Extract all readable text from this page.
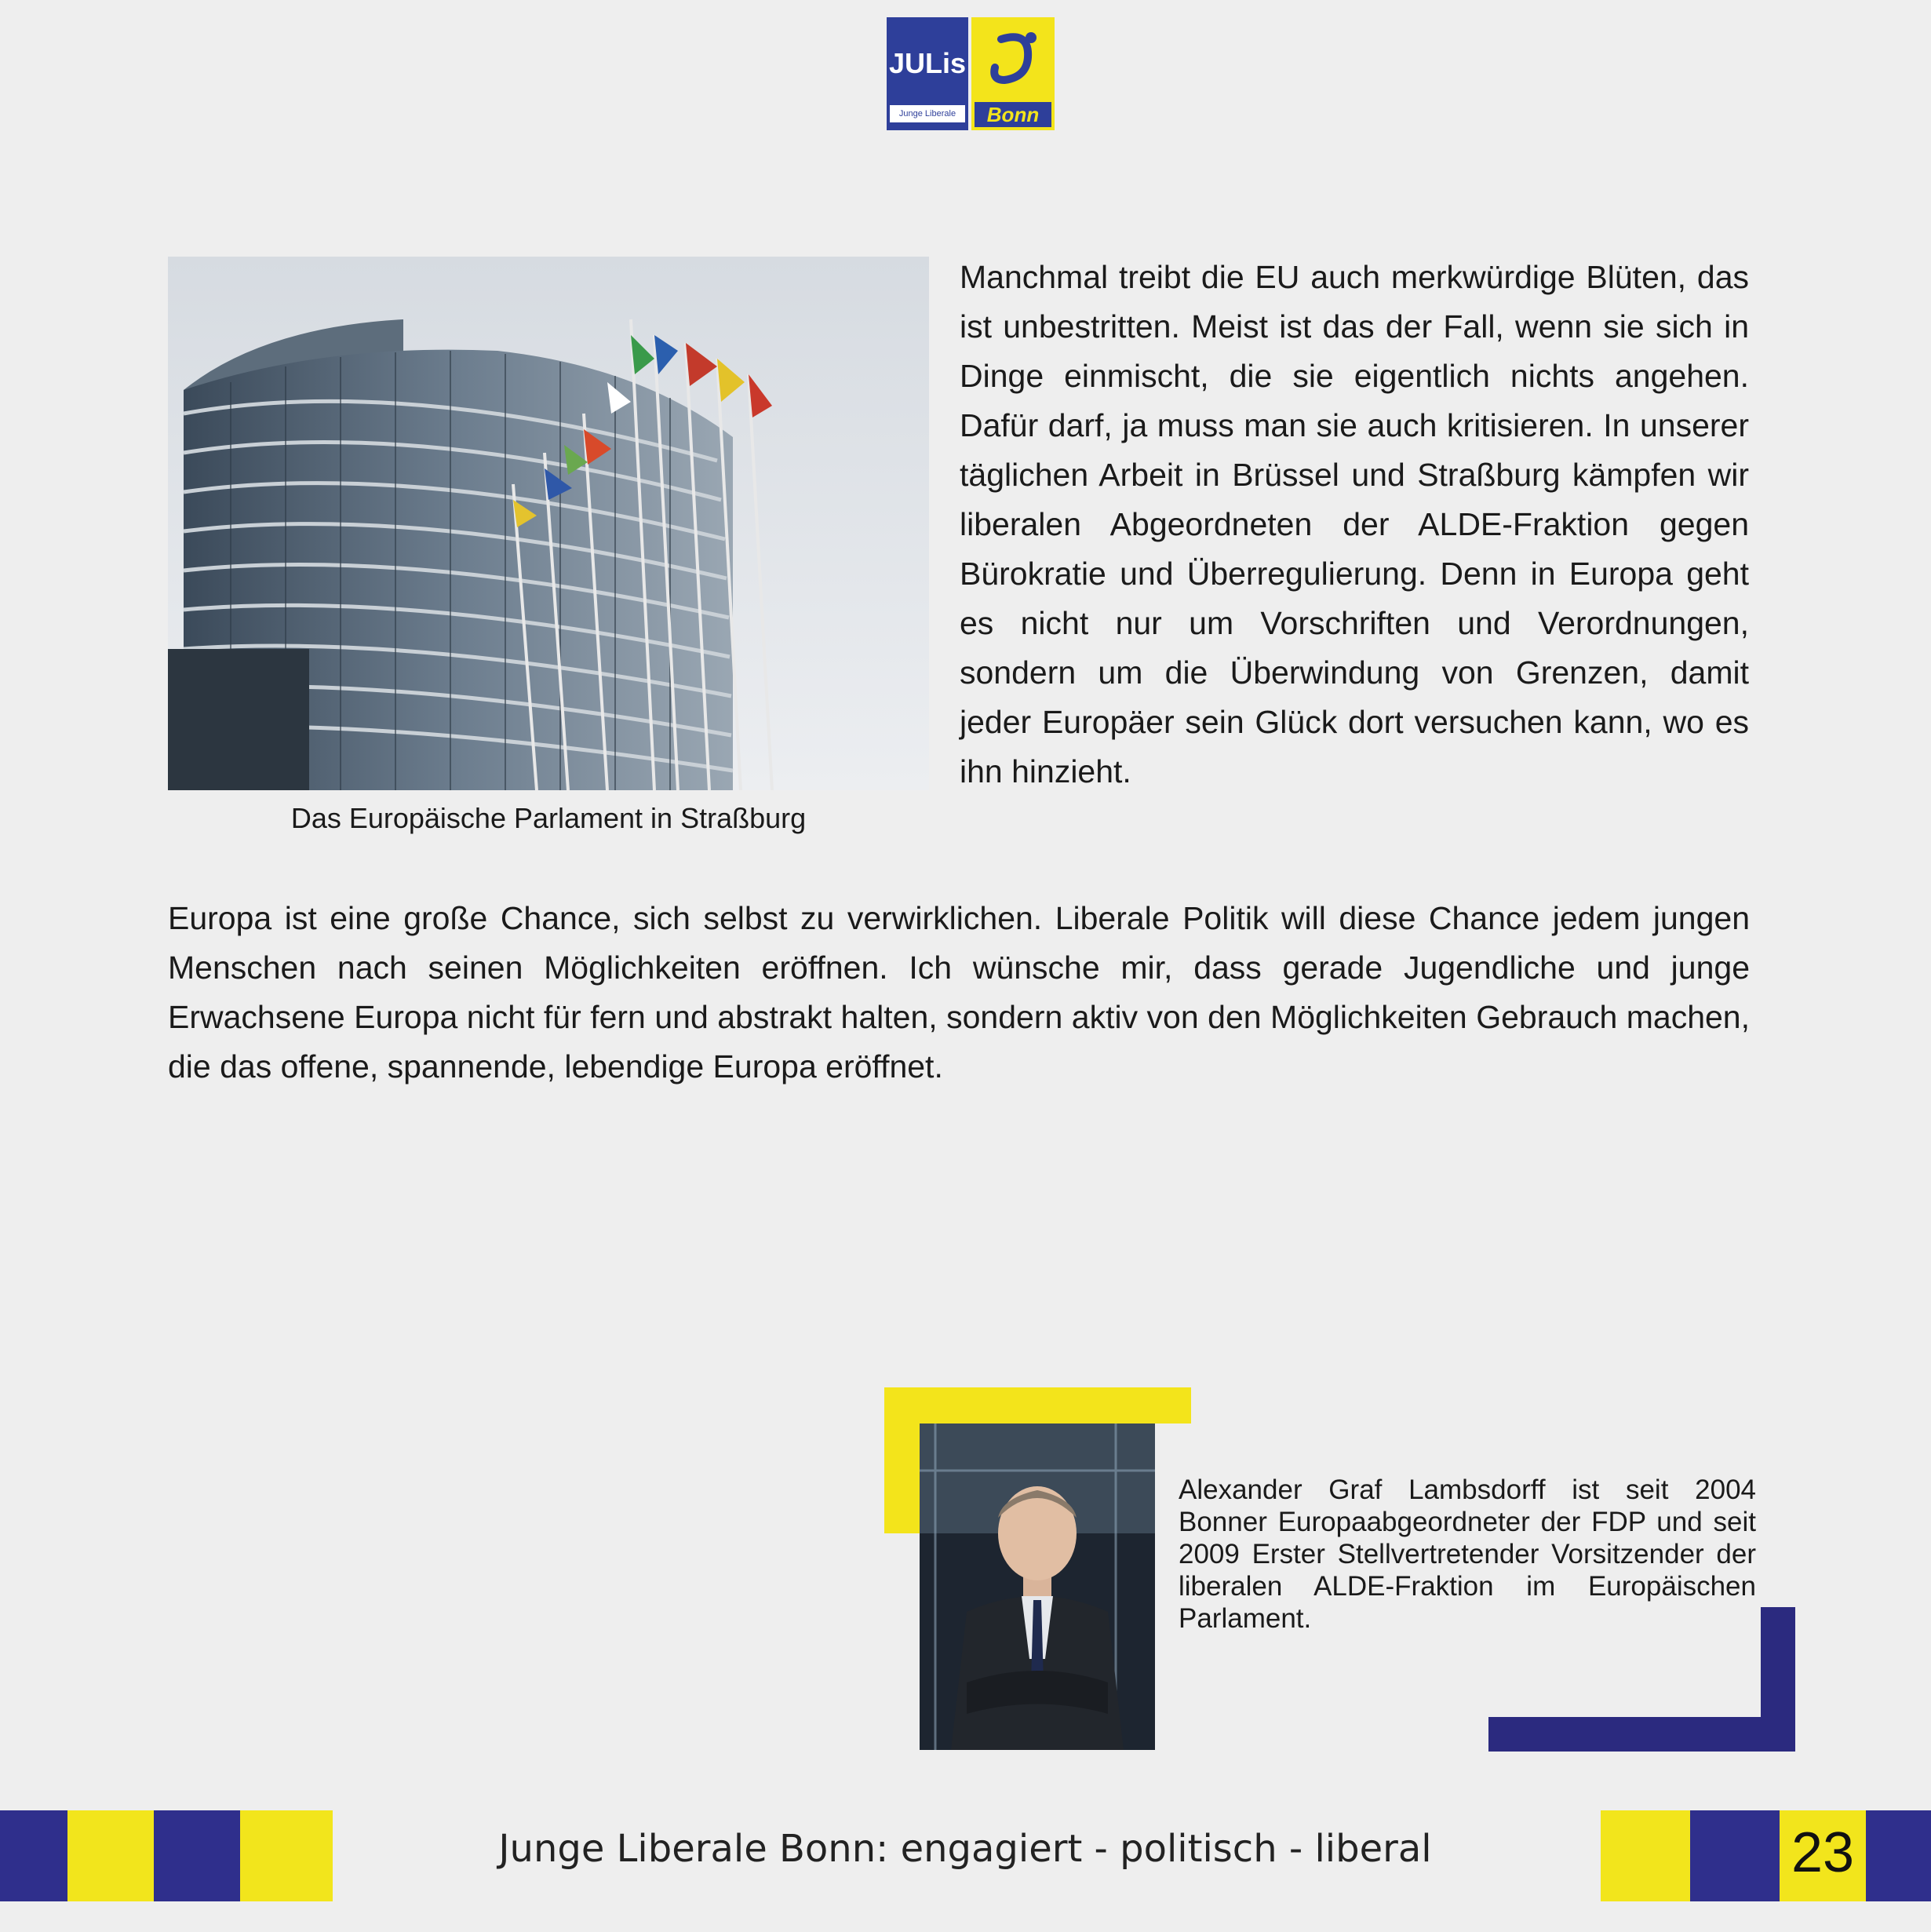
JULis
Junge Liberale	Bonn
Das Europäische Parlament in Straßburg

Manchmal treibt die EU auch merkwürdige Blüten, das ist unbestritten. Meist ist das der Fall, wenn sie sich in Dinge einmischt, die sie eigentlich nichts angehen. Dafür darf, ja muss man sie auch kritisieren. In unserer täglichen Arbeit in Brüssel und Straßburg kämpfen wir liberalen Abgeordneten der ALDE-Fraktion gegen Bürokratie und Überregulierung. Denn in Europa geht es nicht nur um Vorschriften und Verordnungen, sondern um die Überwindung von Grenzen, damit jeder Europäer sein Glück dort versuchen kann, wo es ihn hinzieht.

Europa ist eine große Chance, sich selbst zu verwirklichen. Liberale Politik will diese Chance jedem jungen Menschen nach seinen Möglichkeiten eröffnen. Ich wünsche mir, dass gerade Jugendliche und junge Erwachsene Europa nicht für fern und abstrakt halten, sondern aktiv von den Möglichkeiten Gebrauch machen, die das offene, spannende, lebendige Europa eröffnet.

Alexander Graf Lambsdorff ist seit 2004 Bonner Europaabgeordneter der FDP und seit 2009 Erster Stellvertretender Vorsitzender der liberalen ALDE-Fraktion im Europäischen Parlament.
Junge Liberale Bonn: engagiert - politisch - liberal	23
